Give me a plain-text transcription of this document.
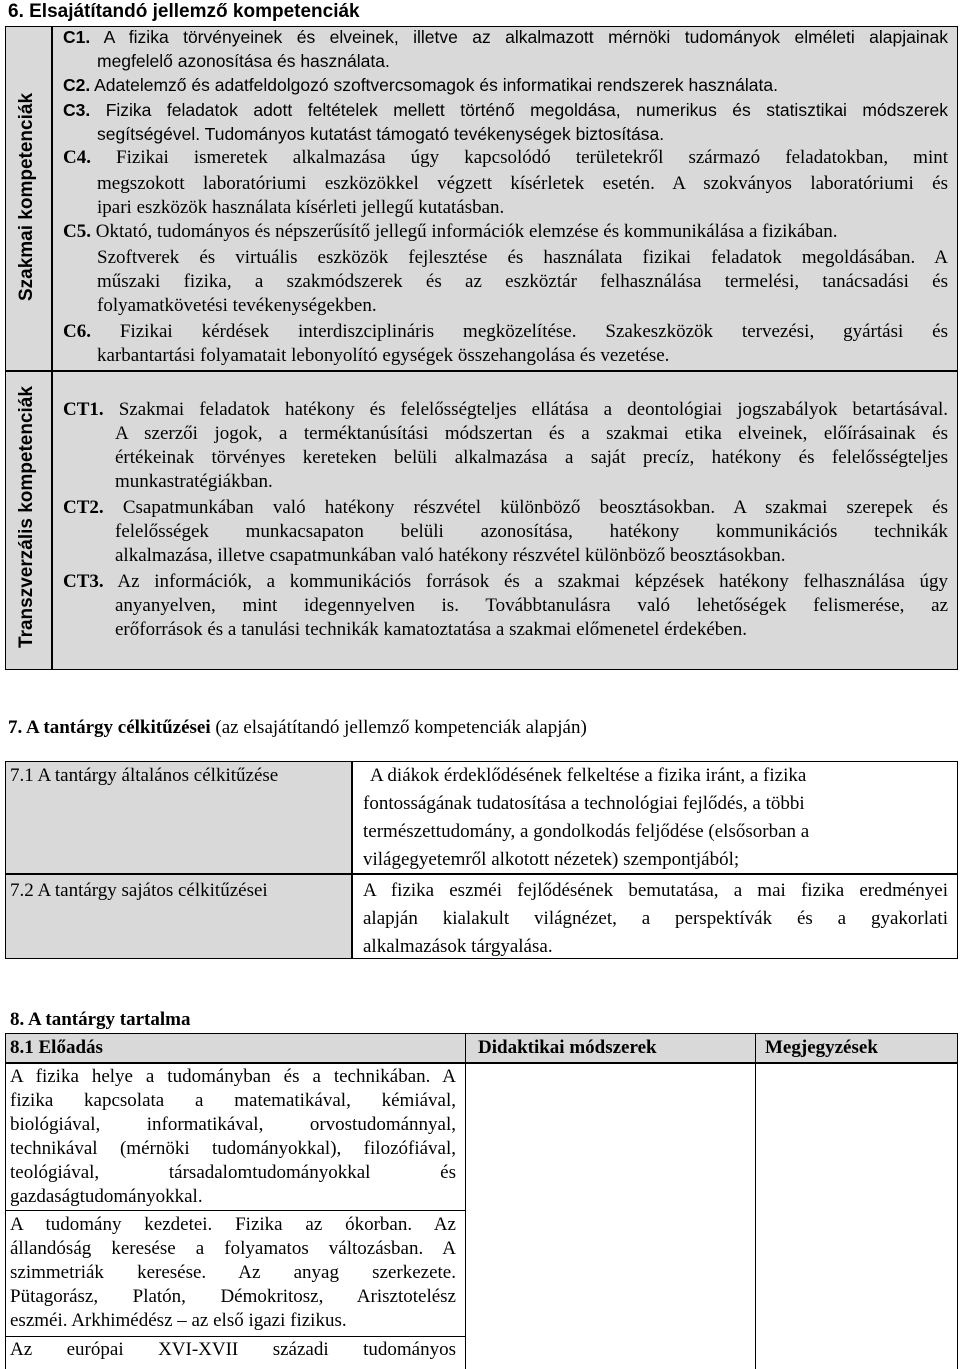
6. Elsajátítandó jellemző kompetenciák
Szakmai kompetenciák
Transzverzális kompetenciák
C1. A fizika törvényeinek és elveinek, illetve az alkalmazott mérnöki tudományok elméleti alapjainak
megfelelő azonosítása és használata.
C2. Adatelemző és adatfeldolgozó szoftvercsomagok és informatikai rendszerek használata.
C3. Fizika feladatok adott feltételek mellett történő megoldása, numerikus és statisztikai módszerek
segítségével. Tudományos kutatást támogató tevékenységek biztosítása.
C4. Fizikai ismeretek alkalmazása úgy kapcsolódó területekről származó feladatokban, mint
megszokott laboratóriumi eszközökkel végzett kísérletek esetén. A szokványos laboratóriumi és
ipari eszközök használata kísérleti jellegű kutatásban.
C5. Oktató, tudományos és népszerűsítő jellegű információk elemzése és kommunikálása a fizikában.
Szoftverek és virtuális eszközök fejlesztése és használata fizikai feladatok megoldásában. A
műszaki fizika, a szakmódszerek és az eszköztár felhasználása termelési, tanácsadási és
folyamatkövetési tevékenységekben.
C6. Fizikai kérdések interdiszciplináris megközelítése. Szakeszközök tervezési, gyártási és
karbantartási folyamatait lebonyolító egységek összehangolása és vezetése.
CT1. Szakmai feladatok hatékony és felelősségteljes ellátása a deontológiai jogszabályok betartásával.
A szerzői jogok, a terméktanúsítási módszertan és a szakmai etika elveinek, előírásainak és
értékeinak törvényes kereteken belüli alkalmazása a saját precíz, hatékony és felelősségteljes
munkastratégiákban.
CT2. Csapatmunkában való hatékony részvétel különböző beosztásokban. A szakmai szerepek és
felelősségek munkacsapaton belüli azonosítása, hatékony kommunikációs technikák
alkalmazása, illetve csapatmunkában való hatékony részvétel különböző beosztásokban.
CT3. Az információk, a kommunikációs források és a szakmai képzések hatékony felhasználása úgy
anyanyelven, mint idegennyelven is. Továbbtanulásra való lehetőségek felismerése, az
erőforrások és a tanulási technikák kamatoztatása a szakmai előmenetel érdekében.
7. A tantárgy célkitűzései (az elsajátítandó jellemző kompetenciák alapján)
7.1 A tantárgy általános célkitűzése
7.2 A tantárgy sajátos célkitűzései
A diákok érdeklődésének felkeltése a fizika iránt, a fizika
fontosságának tudatosítása a technológiai fejlődés, a többi
természettudomány, a gondolkodás feljődése (elsősorban a
világegyetemről alkotott nézetek) szempontjából;
A fizika eszméi fejlődésének bemutatása, a mai fizika eredményei
alapján kialakult világnézet, a perspektívák és a gyakorlati
alkalmazások tárgyalása.
8. A tantárgy tartalma
8.1 Előadás	Didaktikai módszerek	Megjegyzések
A fizika helye a tudományban és a technikában. A
fizika kapcsolata a matematikával, kémiával,
biológiával, informatikával, orvostudománnyal,
technikával (mérnöki tudományokkal), filozófiával,
teológiával, társadalomtudományokkal és
gazdaságtudományokkal.
A tudomány kezdetei. Fizika az ókorban. Az
állandóság keresése a folyamatos változásban. A
szimmetriák keresése. Az anyag szerkezete.
Pütagorász, Platón, Démokritosz, Arisztotelész
eszméi. Arkhimédész – az első igazi fizikus.
Az európai XVI-XVII századi tudományos
